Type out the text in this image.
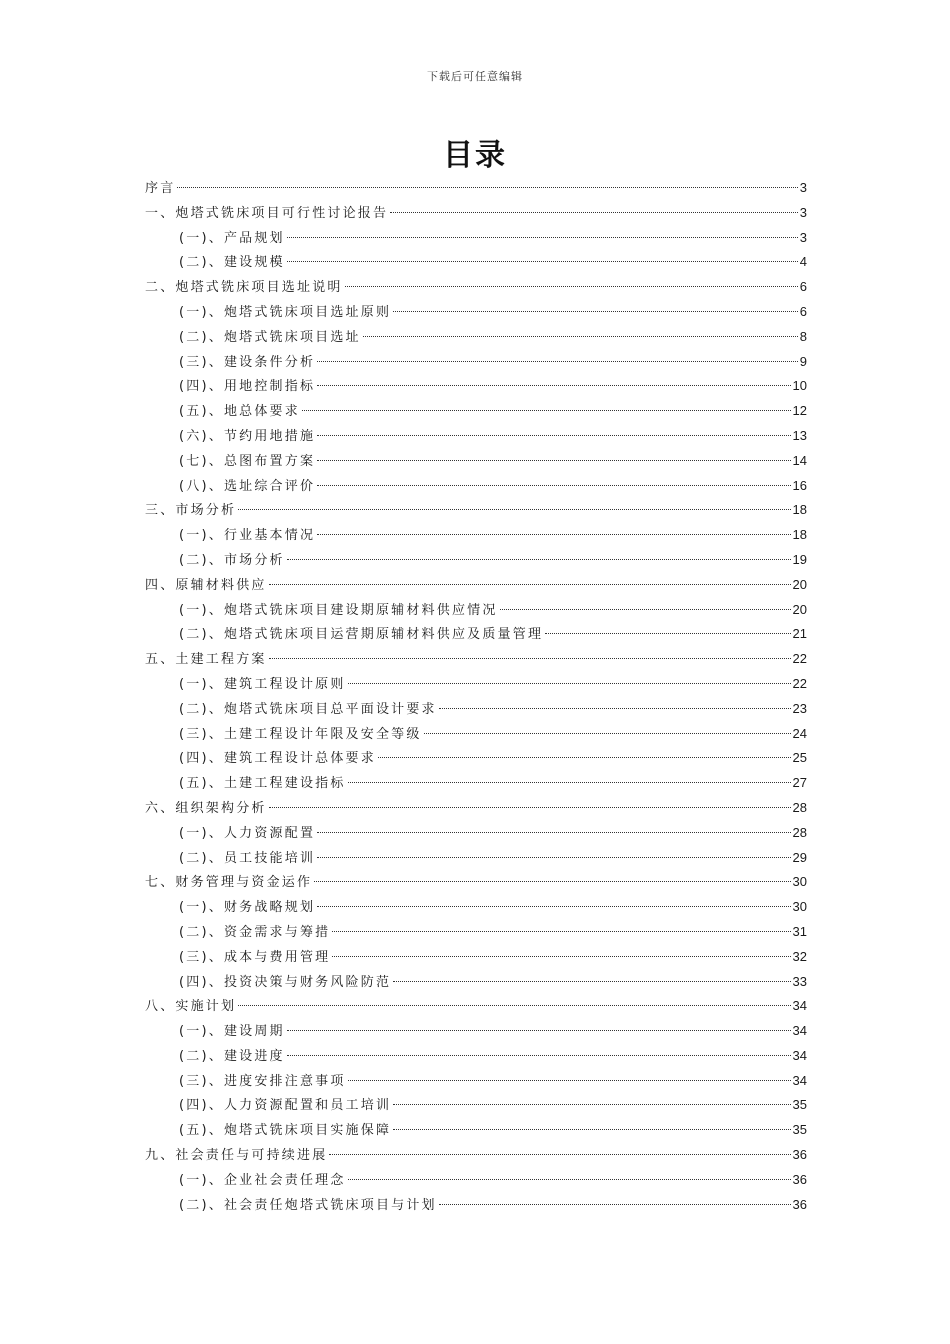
下载后可任意编辑
目录
序言	3
一、炮塔式铣床项目可行性讨论报告	3
(一)、产品规划	3
(二)、建设规模	4
二、炮塔式铣床项目选址说明	6
(一)、炮塔式铣床项目选址原则	6
(二)、炮塔式铣床项目选址	8
(三)、建设条件分析	9
(四)、用地控制指标	10
(五)、地总体要求	12
(六)、节约用地措施	13
(七)、总图布置方案	14
(八)、选址综合评价	16
三、市场分析	18
(一)、行业基本情况	18
(二)、市场分析	19
四、原辅材料供应	20
(一)、炮塔式铣床项目建设期原辅材料供应情况	20
(二)、炮塔式铣床项目运营期原辅材料供应及质量管理	21
五、土建工程方案	22
(一)、建筑工程设计原则	22
(二)、炮塔式铣床项目总平面设计要求	23
(三)、土建工程设计年限及安全等级	24
(四)、建筑工程设计总体要求	25
(五)、土建工程建设指标	27
六、组织架构分析	28
(一)、人力资源配置	28
(二)、员工技能培训	29
七、财务管理与资金运作	30
(一)、财务战略规划	30
(二)、资金需求与筹措	31
(三)、成本与费用管理	32
(四)、投资决策与财务风险防范	33
八、实施计划	34
(一)、建设周期	34
(二)、建设进度	34
(三)、进度安排注意事项	34
(四)、人力资源配置和员工培训	35
(五)、炮塔式铣床项目实施保障	35
九、社会责任与可持续进展	36
(一)、企业社会责任理念	36
(二)、社会责任炮塔式铣床项目与计划	36
